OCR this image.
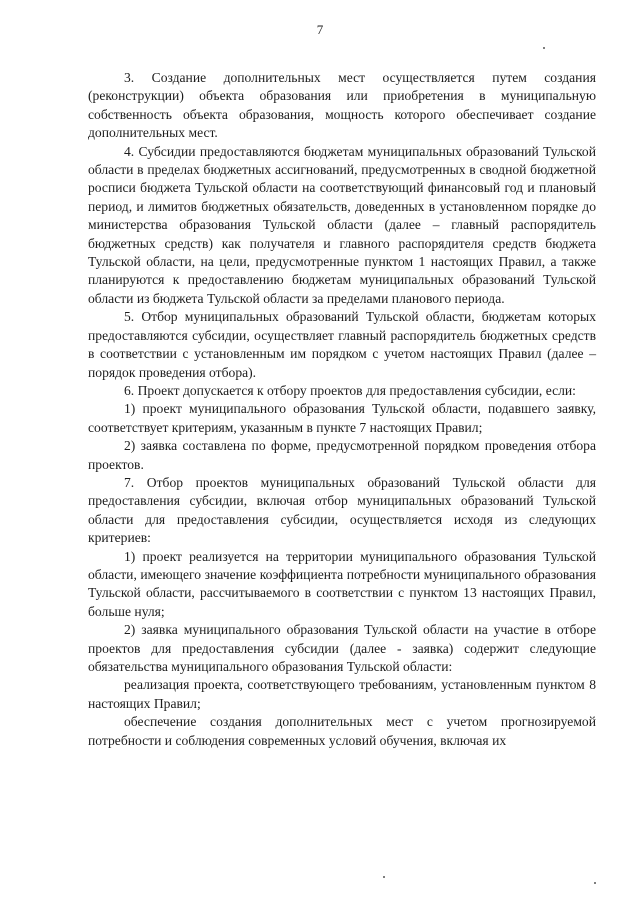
7

3. Создание дополнительных мест осуществляется путем создания (реконструкции) объекта образования или приобретения в муниципальную собственность объекта образования, мощность которого обеспечивает создание дополнительных мест.

4. Субсидии предоставляются бюджетам муниципальных образований Тульской области в пределах бюджетных ассигнований, предусмотренных в сводной бюджетной росписи бюджета Тульской области на соответствующий финансовый год и плановый период, и лимитов бюджетных обязательств, доведенных в установленном порядке до министерства образования Тульской области (далее – главный распорядитель бюджетных средств) как получателя и главного распорядителя средств бюджета Тульской области, на цели, предусмотренные пунктом 1 настоящих Правил, а также планируются к предоставлению бюджетам муниципальных образований Тульской области из бюджета Тульской области за пределами планового периода.

5. Отбор муниципальных образований Тульской области, бюджетам которых предоставляются субсидии, осуществляет главный распорядитель бюджетных средств в соответствии с установленным им порядком с учетом настоящих Правил (далее – порядок проведения отбора).

6. Проект допускается к отбору проектов для предоставления субсидии, если:

1) проект муниципального образования Тульской области, подавшего заявку, соответствует критериям, указанным в пункте 7 настоящих Правил;

2) заявка составлена по форме, предусмотренной порядком проведения отбора проектов.

7. Отбор проектов муниципальных образований Тульской области для предоставления субсидии, включая отбор муниципальных образований Тульской области для предоставления субсидии, осуществляется исходя из следующих критериев:

1) проект реализуется на территории муниципального образования Тульской области, имеющего значение коэффициента потребности муниципального образования Тульской области, рассчитываемого в соответствии с пунктом 13 настоящих Правил, больше нуля;

2) заявка муниципального образования Тульской области на участие в отборе проектов для предоставления субсидии (далее - заявка) содержит следующие обязательства муниципального образования Тульской области:

реализация проекта, соответствующего требованиям, установленным пунктом 8 настоящих Правил;

обеспечение создания дополнительных мест с учетом прогнозируемой потребности и соблюдения современных условий обучения, включая их
